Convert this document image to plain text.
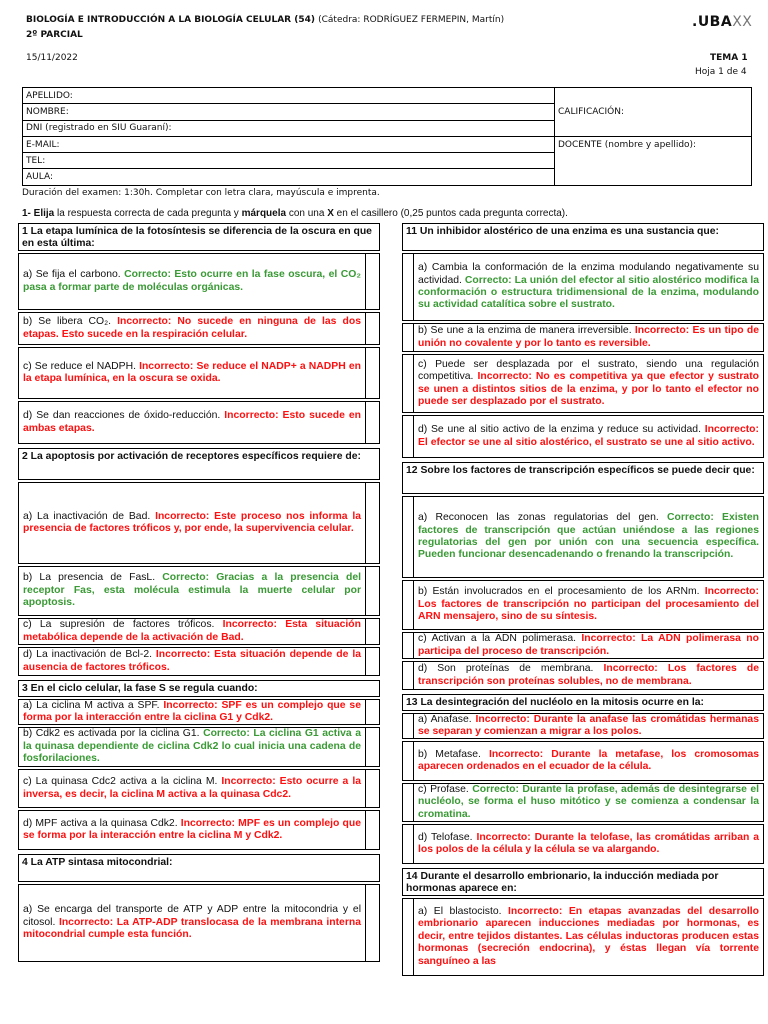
BIOLOGÍA E INTRODUCCIÓN A LA BIOLOGÍA CELULAR (54) (Cátedra: RODRÍGUEZ FERMEPIN, Martín)
2º PARCIAL
.UBAXX
15/11/2022	TEMA 1
Hoja 1 de 4
APELLIDO:	CALIFICACIÓN:
NOMBRE:	
DNI (registrado en SIU Guaraní):	
E-MAIL:	DOCENTE (nombre y apellido):
TEL:	
AULA:	
Duración del examen: 1:30h. Completar con letra clara, mayúscula e imprenta.
1- Elija la respuesta correcta de cada pregunta y márquela con una X en el casillero (0,25 puntos cada pregunta correcta).
1 La etapa lumínica de la fotosíntesis se diferencia de la oscura en que en esta última:
a) Se fija el carbono. Correcto: Esto ocurre en la fase oscura, el CO₂ pasa a formar parte de moléculas orgánicas.
b) Se libera CO₂. Incorrecto: No sucede en ninguna de las dos etapas. Esto sucede en la respiración celular.
c) Se reduce el NADPH. Incorrecto: Se reduce el NADP+ a NADPH en la etapa lumínica, en la oscura se oxida.
d) Se dan reacciones de óxido-reducción. Incorrecto: Esto sucede en ambas etapas.
2 La apoptosis por activación de receptores específicos requiere de:
a) La inactivación de Bad. Incorrecto: Este proceso nos informa la presencia de factores tróficos y, por ende, la supervivencia celular.
b) La presencia de FasL. Correcto: Gracias a la presencia del receptor Fas, esta molécula estimula la muerte celular por apoptosis.
c) La supresión de factores tróficos. Incorrecto: Esta situación metabólica depende de la activación de Bad.
d) La inactivación de Bcl-2. Incorrecto: Esta situación depende de la ausencia de factores tróficos.
3 En el ciclo celular, la fase S se regula cuando:
a) La ciclina M activa a SPF. Incorrecto: SPF es un complejo que se forma por la interacción entre la ciclina G1 y Cdk2.
b) Cdk2 es activada por la ciclina G1. Correcto: La ciclina G1 activa a la quinasa dependiente de ciclina Cdk2 lo cual inicia una cadena de fosforilaciones.
c) La quinasa Cdc2 activa a la ciclina M. Incorrecto: Esto ocurre a la inversa, es decir, la ciclina M activa a la quinasa Cdc2.
d) MPF activa a la quinasa Cdk2. Incorrecto: MPF es un complejo que se forma por la interacción entre la ciclina M y Cdk2.
4 La ATP sintasa mitocondrial:
a) Se encarga del transporte de ATP y ADP entre la mitocondria y el citosol. Incorrecto: La ATP-ADP translocasa de la membrana interna mitocondrial cumple esta función.
11 Un inhibidor alostérico de una enzima es una sustancia que:
a) Cambia la conformación de la enzima modulando negativamente su actividad. Correcto: La unión del efector al sitio alostérico modifica la conformación o estructura tridimensional de la enzima, modulando su actividad catalítica sobre el sustrato.
b) Se une a la enzima de manera irreversible. Incorrecto: Es un tipo de unión no covalente y por lo tanto es reversible.
c) Puede ser desplazada por el sustrato, siendo una regulación competitiva. Incorrecto: No es competitiva ya que efector y sustrato se unen a distintos sitios de la enzima, y por lo tanto el efector no puede ser desplazado por el sustrato.
d) Se une al sitio activo de la enzima y reduce su actividad. Incorrecto: El efector se une al sitio alostérico, el sustrato se une al sitio activo.
12 Sobre los factores de transcripción específicos se puede decir que:
a) Reconocen las zonas regulatorias del gen. Correcto: Existen factores de transcripción que actúan uniéndose a las regiones regulatorias del gen por unión con una secuencia específica. Pueden funcionar desencadenando o frenando la transcripción.
b) Están involucrados en el procesamiento de los ARNm. Incorrecto: Los factores de transcripción no participan del procesamiento del ARN mensajero, sino de su síntesis.
c) Activan a la ADN polimerasa. Incorrecto: La ADN polimerasa no participa del proceso de transcripción.
d) Son proteínas de membrana. Incorrecto: Los factores de transcripción son proteínas solubles, no de membrana.
13 La desintegración del nucléolo en la mitosis ocurre en la:
a) Anafase. Incorrecto: Durante la anafase las cromátidas hermanas se separan y comienzan a migrar a los polos.
b) Metafase. Incorrecto: Durante la metafase, los cromosomas aparecen ordenados en el ecuador de la célula.
c) Profase. Correcto: Durante la profase, además de desintegrarse el nucléolo, se forma el huso mitótico y se comienza a condensar la cromatina.
d) Telofase. Incorrecto: Durante la telofase, las cromátidas arriban a los polos de la célula y la célula se va alargando.
14 Durante el desarrollo embrionario, la inducción mediada por hormonas aparece en:
a) El blastocisto. Incorrecto: En etapas avanzadas del desarrollo embrionario aparecen inducciones mediadas por hormonas, es decir, entre tejidos distantes. Las células inductoras producen estas hormonas (secreción endocrina), y éstas llegan vía torrente sanguíneo a las
